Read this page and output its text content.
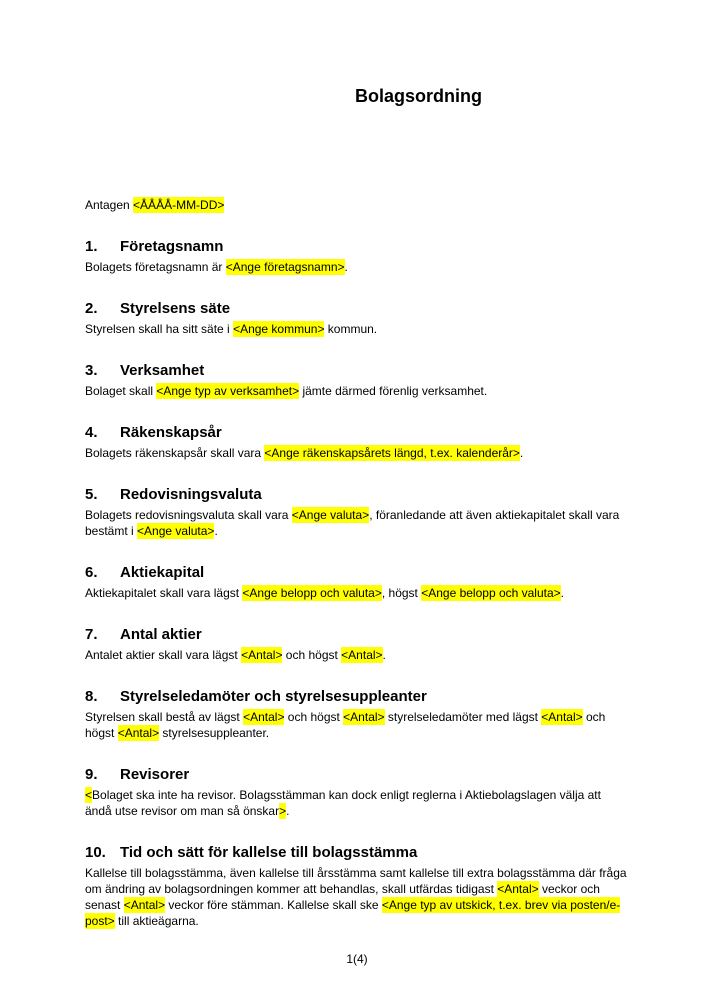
Bolagsordning

Antagen <ÅÅÅÅ-MM-DD>

1.	Företagsnamn

Bolagets företagsnamn är <Ange företagsnamn>.

2.	Styrelsens säte

Styrelsen skall ha sitt säte i <Ange kommun> kommun.

3.	Verksamhet

Bolaget skall <Ange typ av verksamhet> jämte därmed förenlig verksamhet.

4.	Räkenskapsår

Bolagets räkenskapsår skall vara <Ange räkenskapsårets längd, t.ex. kalenderår>.

5.	Redovisningsvaluta

Bolagets redovisningsvaluta skall vara <Ange valuta>, föranledande att även aktiekapitalet skall vara bestämt i <Ange valuta>.

6.	Aktiekapital

Aktiekapitalet skall vara lägst <Ange belopp och valuta>, högst <Ange belopp och valuta>.

7.	Antal aktier

Antalet aktier skall vara lägst <Antal> och högst <Antal>.

8.	Styrelseledamöter och styrelsesuppleanter

Styrelsen skall bestå av lägst <Antal> och högst <Antal> styrelseledamöter med lägst <Antal> och högst <Antal> styrelsesuppleanter.

9.	Revisorer

<Bolaget ska inte ha revisor. Bolagsstämman kan dock enligt reglerna i Aktiebolagslagen välja att ändå utse revisor om man så önskar>.

10. Tid och sätt för kallelse till bolagsstämma

Kallelse till bolagsstämma, även kallelse till årsstämma samt kallelse till extra bolagsstämma där fråga om ändring av bolagsordningen kommer att behandlas, skall utfärdas tidigast <Antal> veckor och senast <Antal> veckor före stämman. Kallelse skall ske <Ange typ av utskick, t.ex. brev via posten/e-post> till aktieägarna.

1(4)
